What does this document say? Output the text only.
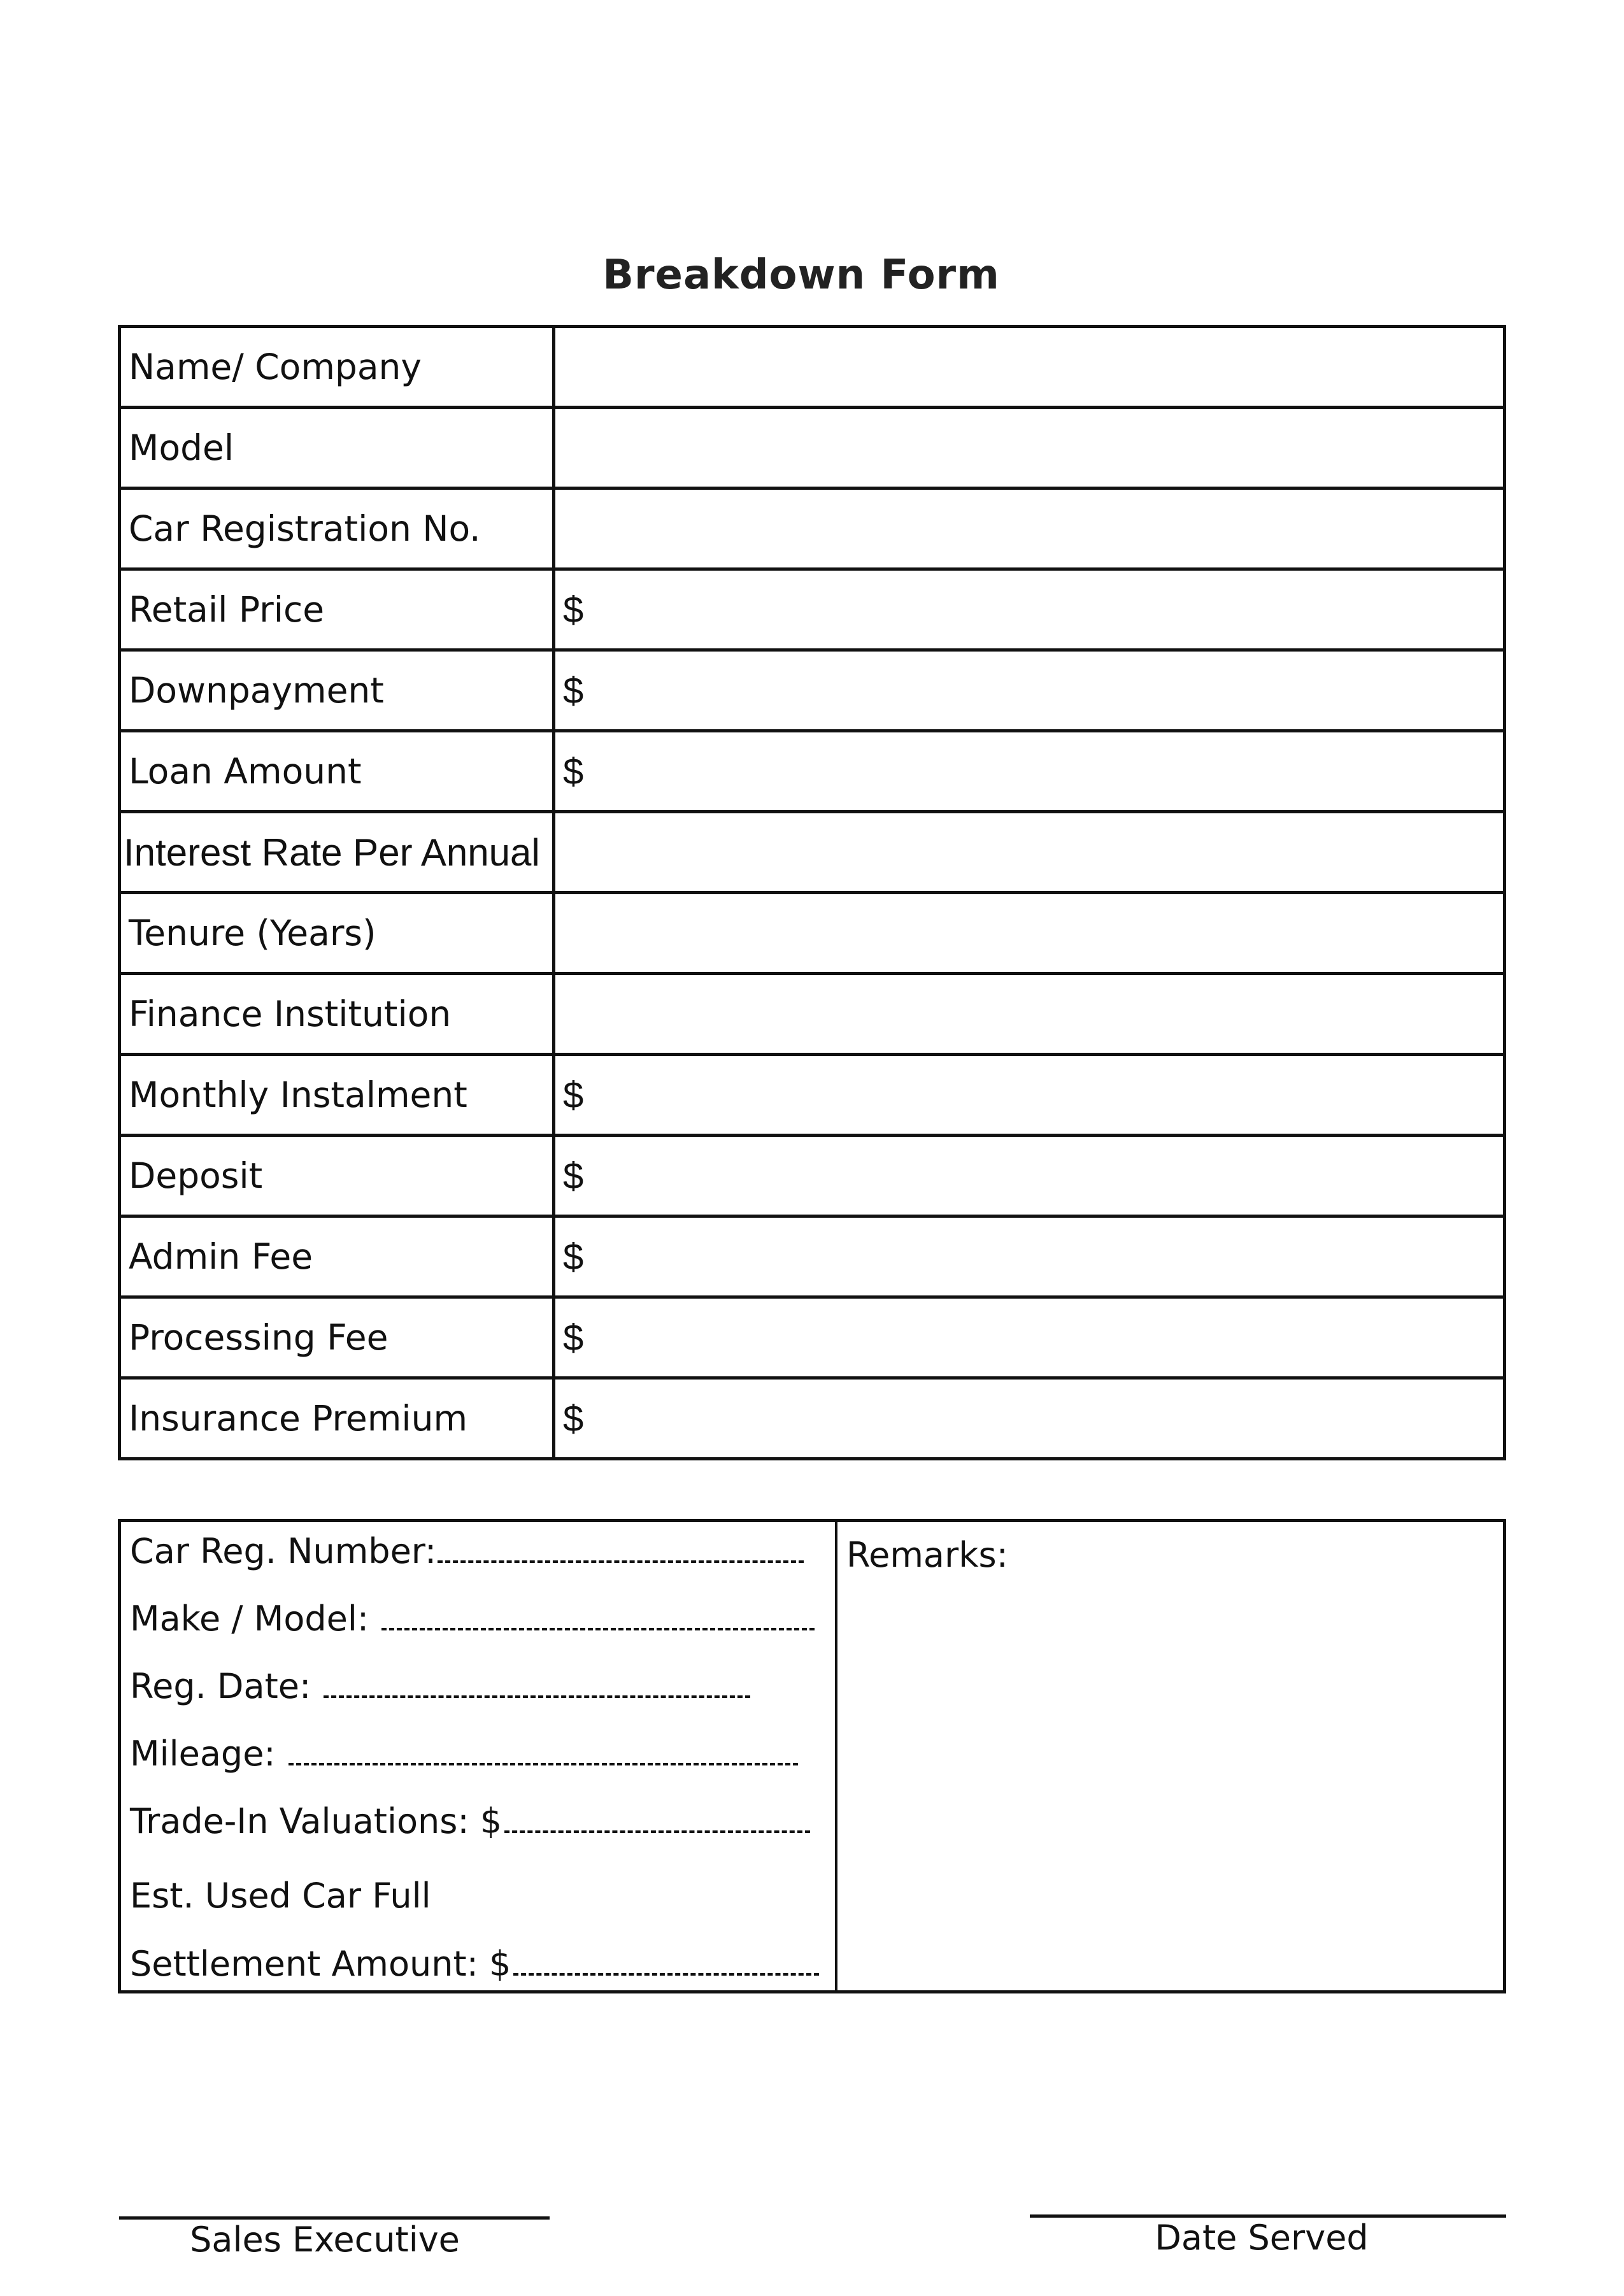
Breakdown Form
Name/ Company	
Model	
Car Registration No.	
Retail Price	$
Downpayment	$
Loan Amount	$
Interest Rate Per Annual	
Tenure (Years)	
Finance Institution	
Monthly Instalment	$
Deposit	$
Admin Fee	$
Processing Fee	$
Insurance Premium	$
Car Reg. Number:
Make / Model:
Reg. Date:
Mileage:
Trade-In Valuations: $
Est. Used Car Full
Settlement Amount: $
Remarks:
Sales Executive	Date Served
